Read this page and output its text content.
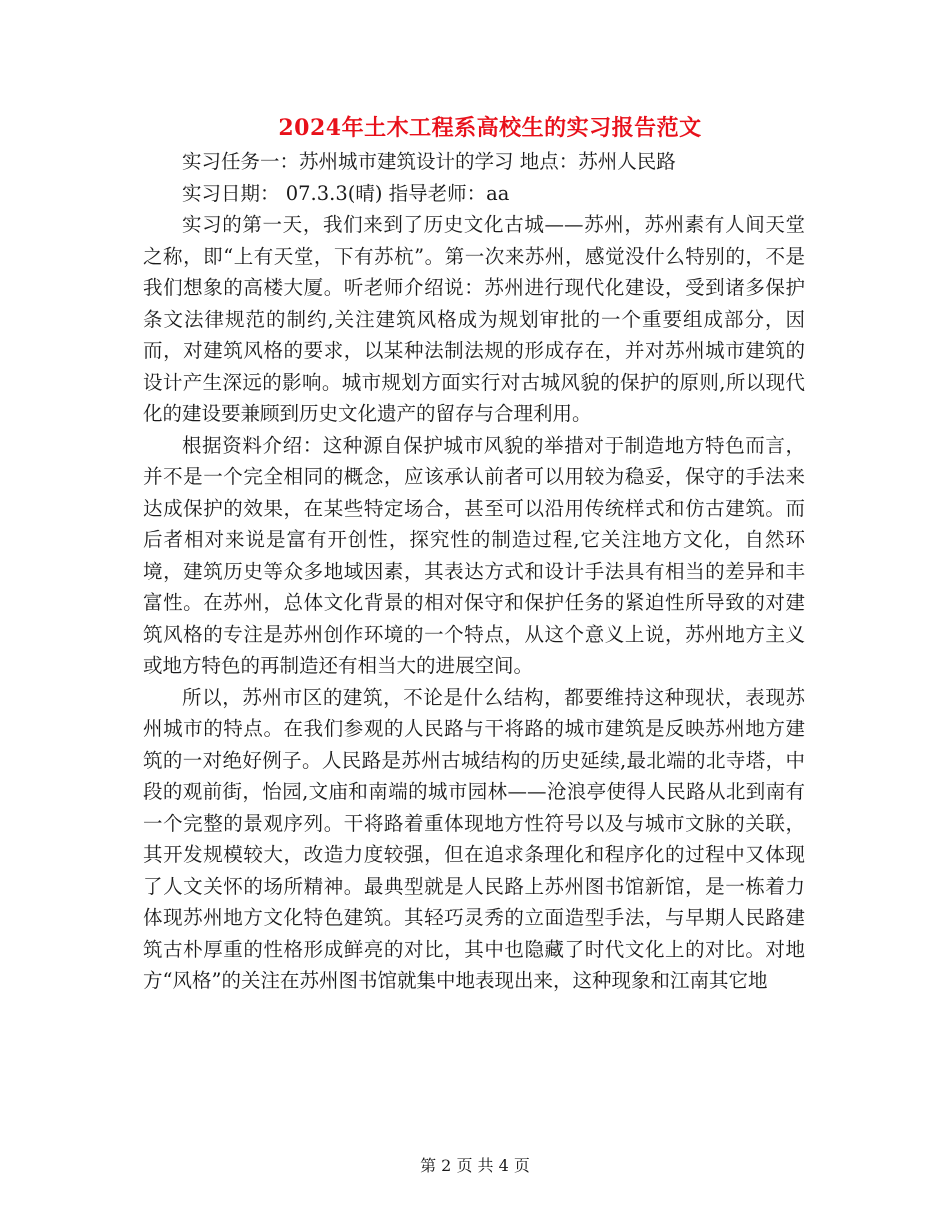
2024年土木工程系高校生的实习报告范文

实习任务一：苏州城市建筑设计的学习 地点：苏州人民路

实习日期： 07.3.3(晴) 指导老师：aa

实习的第一天，我们来到了历史文化古城——苏州，苏州素有人间天堂之称，即“上有天堂，下有苏杭”。第一次来苏州，感觉没什么特别的，不是我们想象的高楼大厦。听老师介绍说：苏州进行现代化建设，受到诸多保护条文法律规范的制约,关注建筑风格成为规划审批的一个重要组成部分，因而，对建筑风格的要求，以某种法制法规的形成存在，并对苏州城市建筑的设计产生深远的影响。城市规划方面实行对古城风貌的保护的原则,所以现代化的建设要兼顾到历史文化遗产的留存与合理利用。

根据资料介绍：这种源自保护城市风貌的举措对于制造地方特色而言，并不是一个完全相同的概念，应该承认前者可以用较为稳妥，保守的手法来达成保护的效果，在某些特定场合，甚至可以沿用传统样式和仿古建筑。而后者相对来说是富有开创性，探究性的制造过程,它关注地方文化，自然环境，建筑历史等众多地域因素，其表达方式和设计手法具有相当的差异和丰富性。在苏州，总体文化背景的相对保守和保护任务的紧迫性所导致的对建筑风格的专注是苏州创作环境的一个特点，从这个意义上说，苏州地方主义或地方特色的再制造还有相当大的进展空间。

所以，苏州市区的建筑，不论是什么结构，都要维持这种现状，表现苏州城市的特点。在我们参观的人民路与干将路的城市建筑是反映苏州地方建筑的一对绝好例子。人民路是苏州古城结构的历史延续,最北端的北寺塔，中段的观前街，怡园,文庙和南端的城市园林——沧浪亭使得人民路从北到南有一个完整的景观序列。干将路着重体现地方性符号以及与城市文脉的关联，其开发规模较大，改造力度较强，但在追求条理化和程序化的过程中又体现了人文关怀的场所精神。最典型就是人民路上苏州图书馆新馆，是一栋着力体现苏州地方文化特色建筑。其轻巧灵秀的立面造型手法，与早期人民路建筑古朴厚重的性格形成鲜亮的对比，其中也隐藏了时代文化上的对比。对地方“风格”的关注在苏州图书馆就集中地表现出来，这种现象和江南其它地

第 2 页 共 4 页
